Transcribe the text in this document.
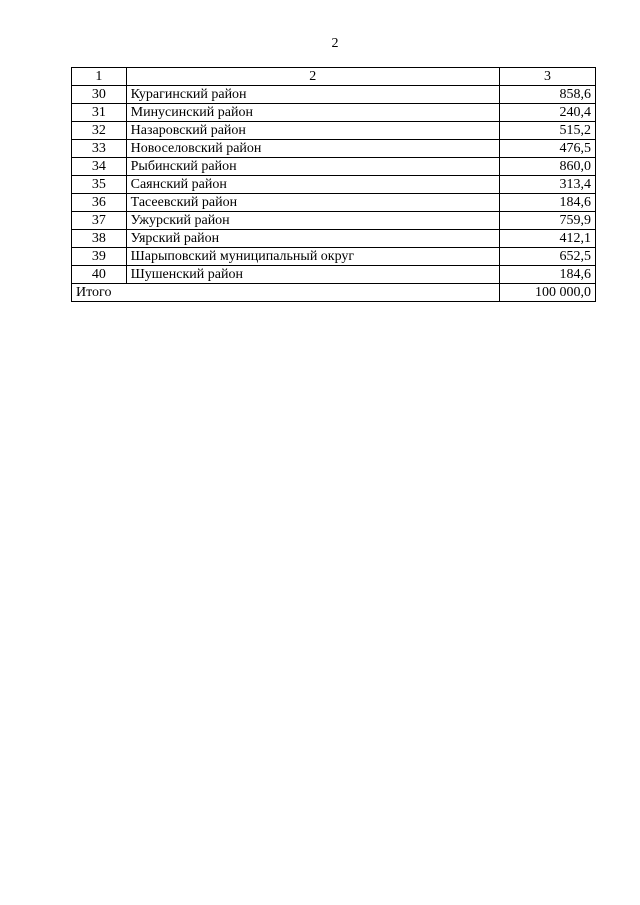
2
1	2	3
30	Курагинский район	858,6
31	Минусинский район	240,4
32	Назаровский район	515,2
33	Новоселовский район	476,5
34	Рыбинский район	860,0
35	Саянский район	313,4
36	Тасеевский район	184,6
37	Ужурский район	759,9
38	Уярский район	412,1
39	Шарыповский муниципальный округ	652,5
40	Шушенский район	184,6
Итого		100 000,0
